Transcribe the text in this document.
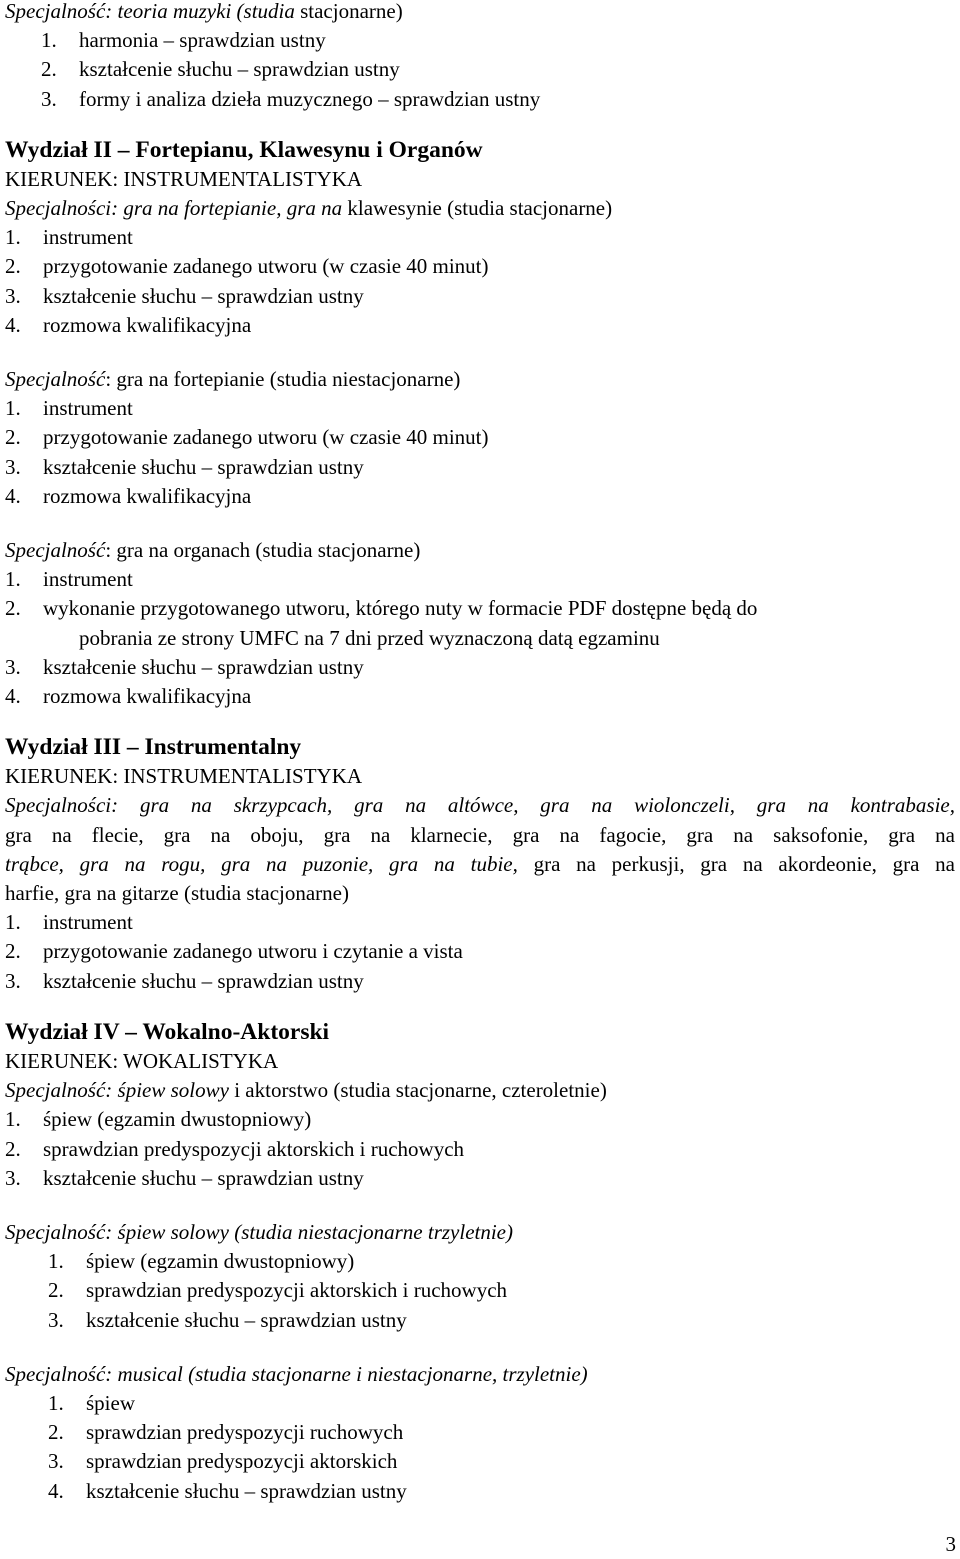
Specjalność: teoria muzyki (studia stacjonarne)
1. harmonia – sprawdzian ustny
2. kształcenie słuchu – sprawdzian ustny
3. formy i analiza dzieła muzycznego – sprawdzian ustny
Wydział II – Fortepianu, Klawesynu i Organów
KIERUNEK: INSTRUMENTALISTYKA
Specjalności: gra na fortepianie, gra na klawesynie (studia stacjonarne)
1. instrument
2. przygotowanie zadanego utworu (w czasie 40 minut)
3. kształcenie słuchu – sprawdzian ustny
4. rozmowa kwalifikacyjna
Specjalność: gra na fortepianie (studia niestacjonarne)
1. instrument
2. przygotowanie zadanego utworu (w czasie 40 minut)
3. kształcenie słuchu – sprawdzian ustny
4. rozmowa kwalifikacyjna
Specjalność: gra na organach (studia stacjonarne)
1. instrument
2. wykonanie przygotowanego utworu, którego nuty w formacie PDF dostępne będą do
pobrania ze strony UMFC na 7 dni przed wyznaczoną datą egzaminu
3. kształcenie słuchu – sprawdzian ustny
4. rozmowa kwalifikacyjna
Wydział III – Instrumentalny
KIERUNEK: INSTRUMENTALISTYKA
Specjalności: gra na skrzypcach, gra na altówce, gra na wiolonczeli, gra na kontrabasie,
gra na flecie, gra na oboju, gra na klarnecie, gra na fagocie, gra na saksofonie, gra na
trąbce, gra na rogu, gra na puzonie, gra na tubie, gra na perkusji, gra na akordeonie, gra na
harfie, gra na gitarze (studia stacjonarne)
1. instrument
2. przygotowanie zadanego utworu i czytanie a vista
3. kształcenie słuchu – sprawdzian ustny
Wydział IV – Wokalno-Aktorski
KIERUNEK: WOKALISTYKA
Specjalność: śpiew solowy i aktorstwo (studia stacjonarne, czteroletnie)
1. śpiew (egzamin dwustopniowy)
2. sprawdzian predyspozycji aktorskich i ruchowych
3. kształcenie słuchu – sprawdzian ustny
Specjalność: śpiew solowy (studia niestacjonarne trzyletnie)
1. śpiew (egzamin dwustopniowy)
2. sprawdzian predyspozycji aktorskich i ruchowych
3. kształcenie słuchu – sprawdzian ustny
Specjalność: musical (studia stacjonarne i niestacjonarne, trzyletnie)
1. śpiew
2. sprawdzian predyspozycji ruchowych
3. sprawdzian predyspozycji aktorskich
4. kształcenie słuchu – sprawdzian ustny
3
